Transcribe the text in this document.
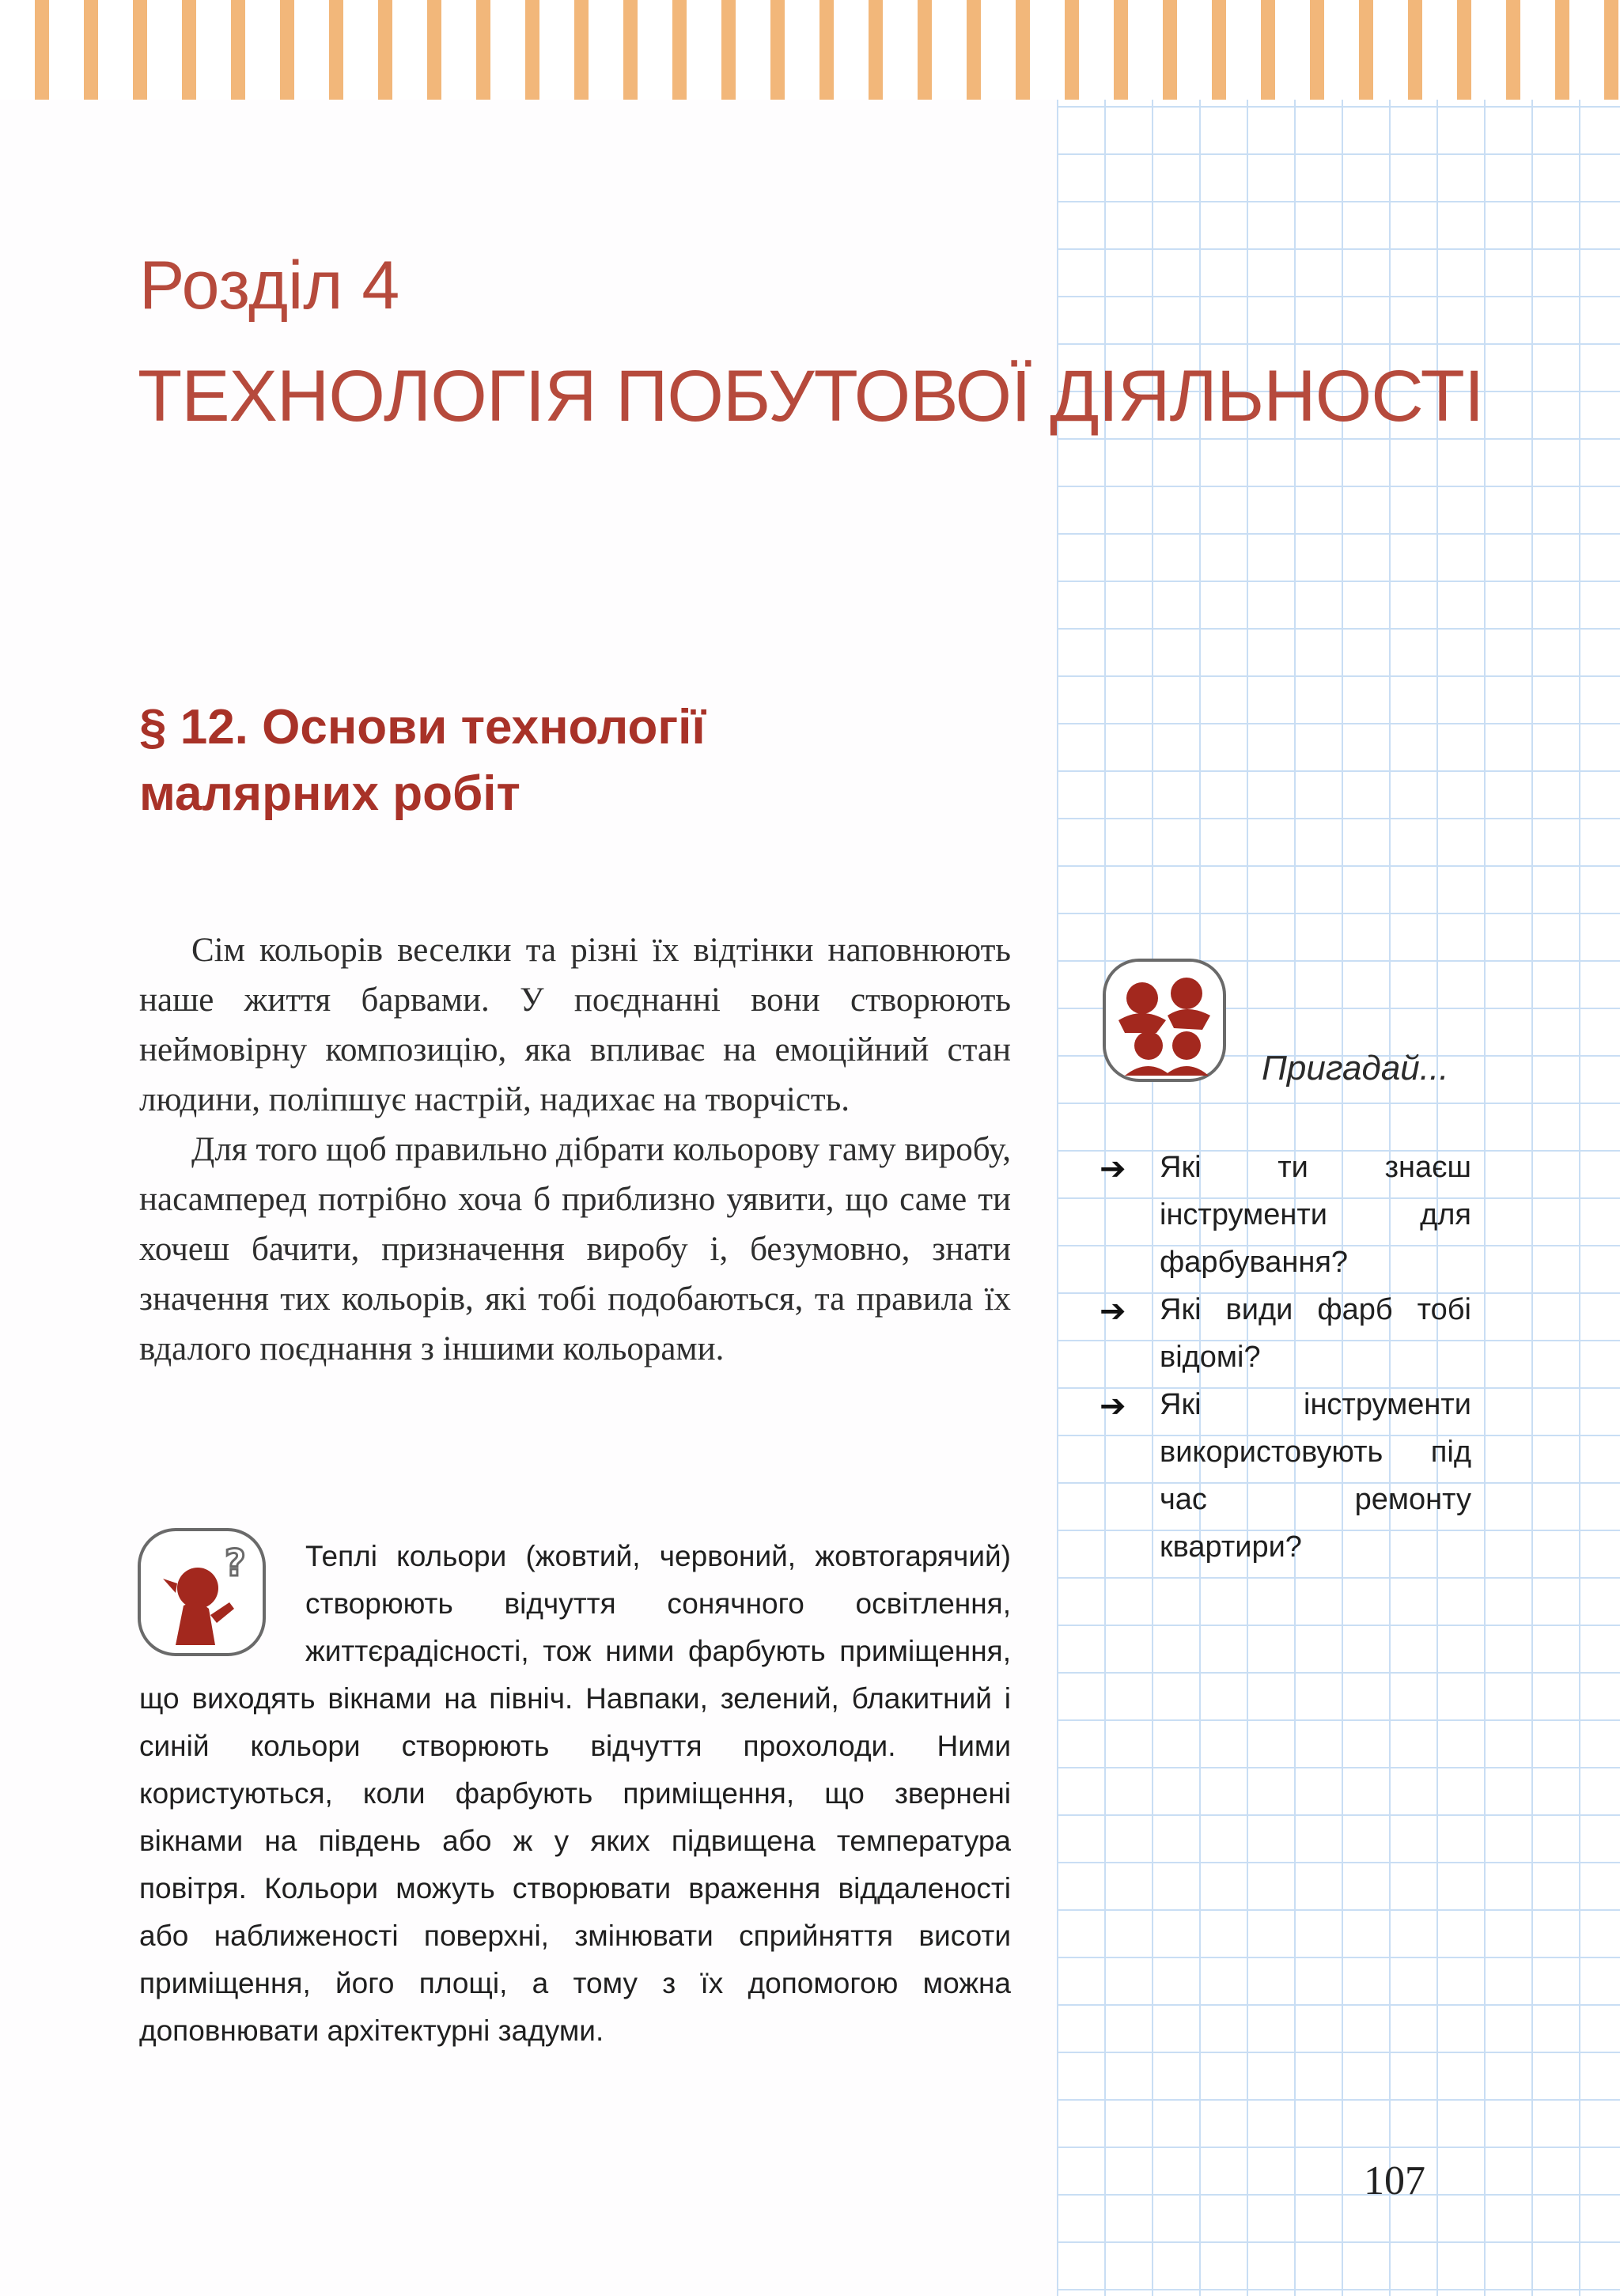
Розділ 4
ТЕХНОЛОГІЯ ПОБУТОВОЇ ДІЯЛЬНОСТІ
§ 12. Основи технології
малярних робіт

Сім кольорів веселки та різні їх відтінки наповнюють наше життя барвами. У поєднанні вони створюють неймовірну композицію, яка впливає на емоційний стан людини, поліпшує настрій, надихає на творчість.

Для того щоб правильно дібрати кольорову гаму виробу, насамперед потрібно хоча б приблизно уявити, що саме ти хочеш бачити, призначення виробу і, безумовно, знати значення тих кольорів, які тобі подобаються, та правила їх вдалого поєднання з іншими кольорами.

?	Теплі кольори (жовтий, червоний, жовтогарячий) створюють відчуття сонячного освітлення, життєрадісності, тож ними фарбують приміщення, що виходять вікнами на північ. Навпаки, зелений, блакитний і синій кольори створюють відчуття прохолоди. Ними користуються, коли фарбують приміщення, що звернені вікнами на південь або ж у яких підвищена температура повітря. Кольори можуть створювати враження віддаленості або наближеності поверхні, змінювати сприйняття висоти приміщення, його площі, а тому з їх допомогою можна доповнювати архітектурні задуми.
Пригадай...
➔ Які ти знаєш інструменти для фарбування?
➔ Які види фарб тобі відомі?
➔ Які інструменти використовують під час ремонту квартири?
107
